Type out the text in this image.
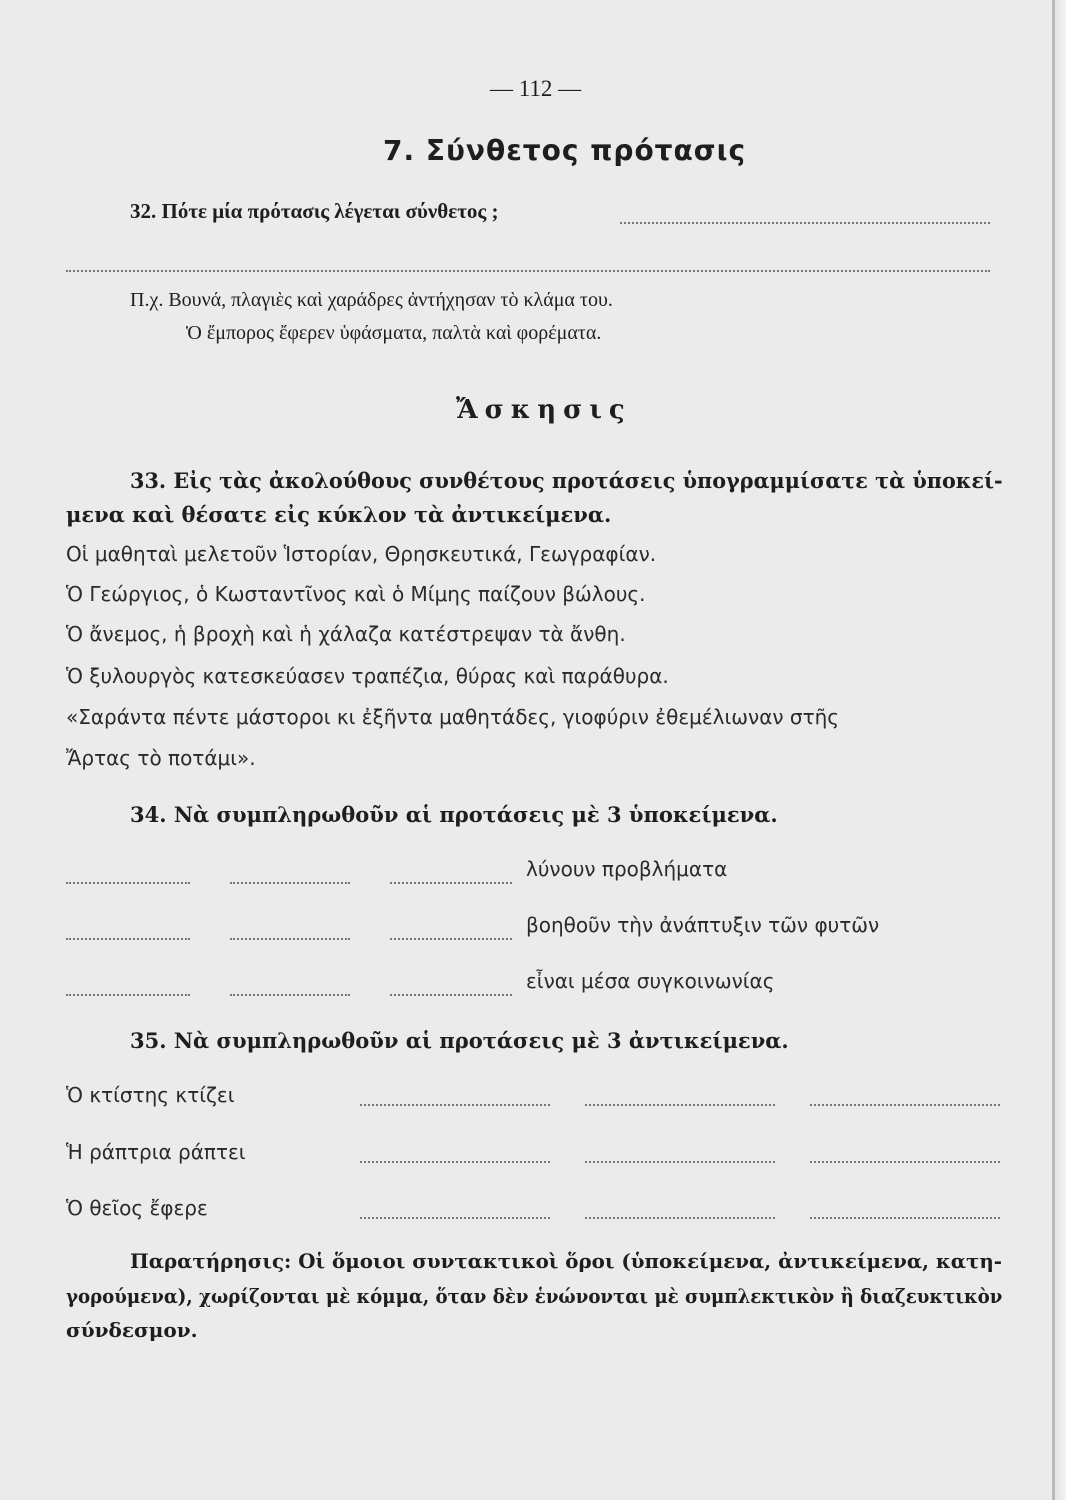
— 112 —
7. Σύνθετος πρότασις
32. Πότε μία πρότασις λέγεται σύνθετος ;
Π.χ. Βουνά, πλαγιὲς καὶ χαράδρες ἀντήχησαν τὸ κλάμα του.
Ὁ ἔμπορος ἔφερεν ὑφάσματα, παλτὰ καὶ φορέματα.
Ἄσκησις
33. Εἰς τὰς ἀκολούθους συνθέτους προτάσεις ὑπογραμμίσατε τὰ ὑποκεί-
μενα καὶ θέσατε εἰς κύκλον τὰ ἀντικείμενα.
Οἱ μαθηταὶ μελετοῦν Ἱστορίαν, Θρησκευτικά, Γεωγραφίαν.
Ὁ Γεώργιος, ὁ Κωσταντῖνος καὶ ὁ Μίμης παίζουν βώλους.
Ὁ ἄνεμος, ἡ βροχὴ καὶ ἡ χάλαζα κατέστρεψαν τὰ ἄνθη.
Ὁ ξυλουργὸς κατεσκεύασεν τραπέζια, θύρας καὶ παράθυρα.
«Σαράντα πέντε μάστοροι κι ἐξῆντα μαθητάδες, γιοφύριν ἐθεμέλιωναν στῆς
Ἄρτας τὸ ποτάμι».
34. Νὰ συμπληρωθοῦν αἱ προτάσεις μὲ 3 ὑποκείμενα.
λύνουν προβλήματα
βοηθοῦν τὴν ἀνάπτυξιν τῶν φυτῶν
εἶναι μέσα συγκοινωνίας
35. Νὰ συμπληρωθοῦν αἱ προτάσεις μὲ 3 ἀντικείμενα.
Ὁ κτίστης κτίζει
Ἡ ράπτρια ράπτει
Ὁ θεῖος ἔφερε
Παρατήρησις: Οἱ ὅμοιοι συντακτικοὶ ὅροι (ὑποκείμενα, ἀντικείμενα, κατη-
γορούμενα), χωρίζονται μὲ κόμμα, ὅταν δὲν ἑνώνονται μὲ συμπλεκτικὸν ἢ διαζευκτικὸν
σύνδεσμον.
